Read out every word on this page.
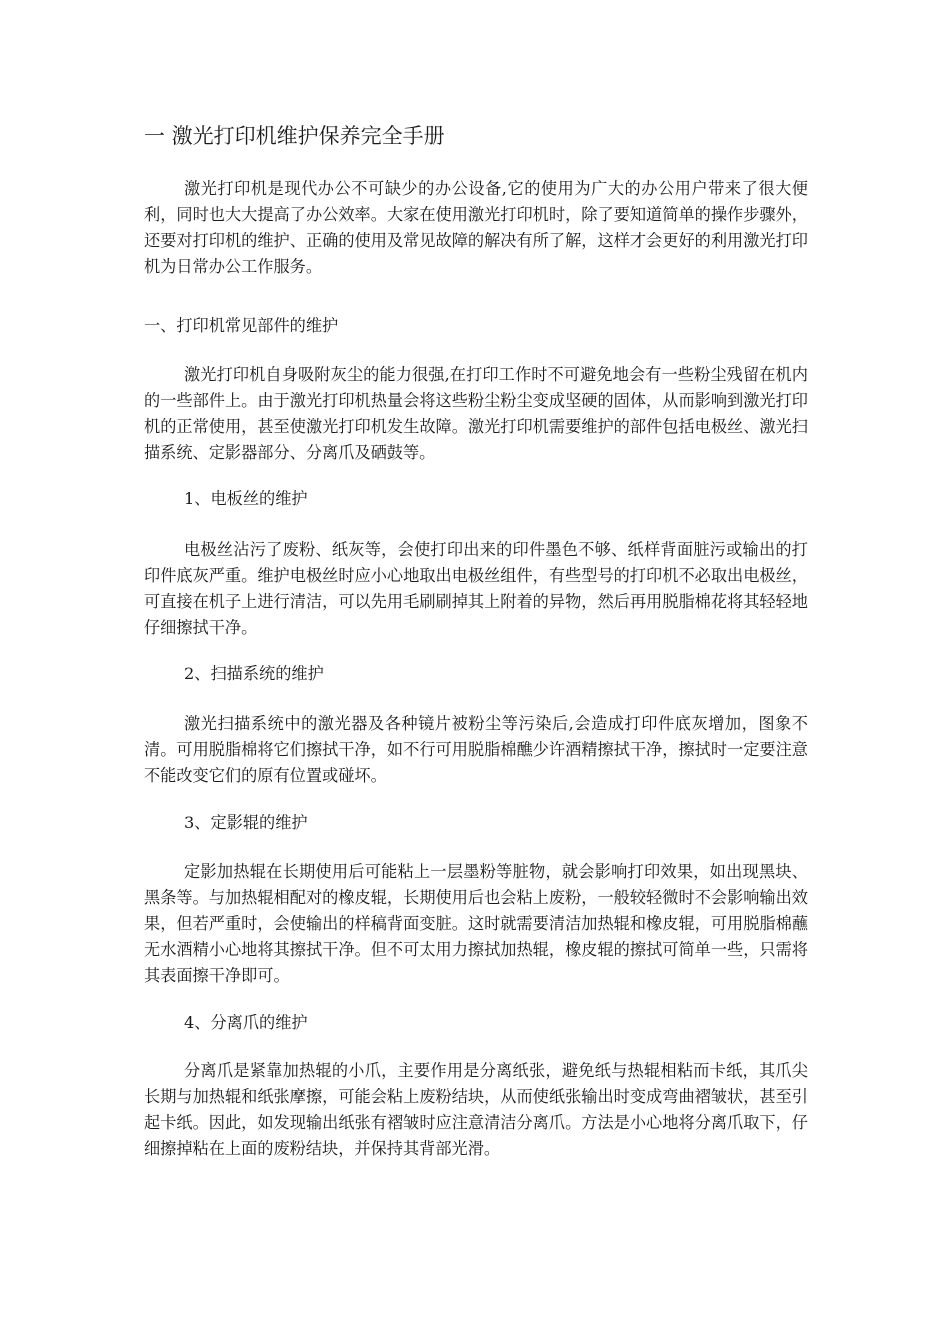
一 激光打印机维护保养完全手册

激光打印机是现代办公不可缺少的办公设备,它的使用为广大的办公用户带来了很大便利，同时也大大提高了办公效率。大家在使用激光打印机时，除了要知道简单的操作步骤外，还要对打印机的维护、正确的使用及常见故障的解决有所了解，这样才会更好的利用激光打印机为日常办公工作服务。

一、打印机常见部件的维护

激光打印机自身吸附灰尘的能力很强,在打印工作时不可避免地会有一些粉尘残留在机内的一些部件上。由于激光打印机热量会将这些粉尘粉尘变成坚硬的固体，从而影响到激光打印机的正常使用，甚至使激光打印机发生故障。激光打印机需要维护的部件包括电极丝、激光扫描系统、定影器部分、分离爪及硒鼓等。

1、电板丝的维护

电极丝沾污了废粉、纸灰等，会使打印出来的印件墨色不够、纸样背面脏污或输出的打印件底灰严重。维护电极丝时应小心地取出电极丝组件，有些型号的打印机不必取出电极丝，可直接在机子上进行清洁，可以先用毛刷刷掉其上附着的异物，然后再用脱脂棉花将其轻轻地仔细擦拭干净。

2、扫描系统的维护

激光扫描系统中的激光器及各种镜片被粉尘等污染后,会造成打印件底灰增加，图象不清。可用脱脂棉将它们擦拭干净，如不行可用脱脂棉醮少许酒精擦拭干净，擦拭时一定要注意不能改变它们的原有位置或碰坏。

3、定影辊的维护

定影加热辊在长期使用后可能粘上一层墨粉等脏物，就会影响打印效果，如出现黑块、黑条等。与加热辊相配对的橡皮辊，长期使用后也会粘上废粉，一般较轻微时不会影响输出效果，但若严重时，会使输出的样稿背面变脏。这时就需要清洁加热辊和橡皮辊，可用脱脂棉蘸无水酒精小心地将其擦拭干净。但不可太用力擦拭加热辊，橡皮辊的擦拭可简单一些，只需将其表面擦干净即可。

4、分离爪的维护

分离爪是紧靠加热辊的小爪，主要作用是分离纸张，避免纸与热辊相粘而卡纸，其爪尖长期与加热辊和纸张摩擦，可能会粘上废粉结块，从而使纸张输出时变成弯曲褶皱状，甚至引起卡纸。因此，如发现输出纸张有褶皱时应注意清洁分离爪。方法是小心地将分离爪取下，仔细擦掉粘在上面的废粉结块，并保持其背部光滑。
